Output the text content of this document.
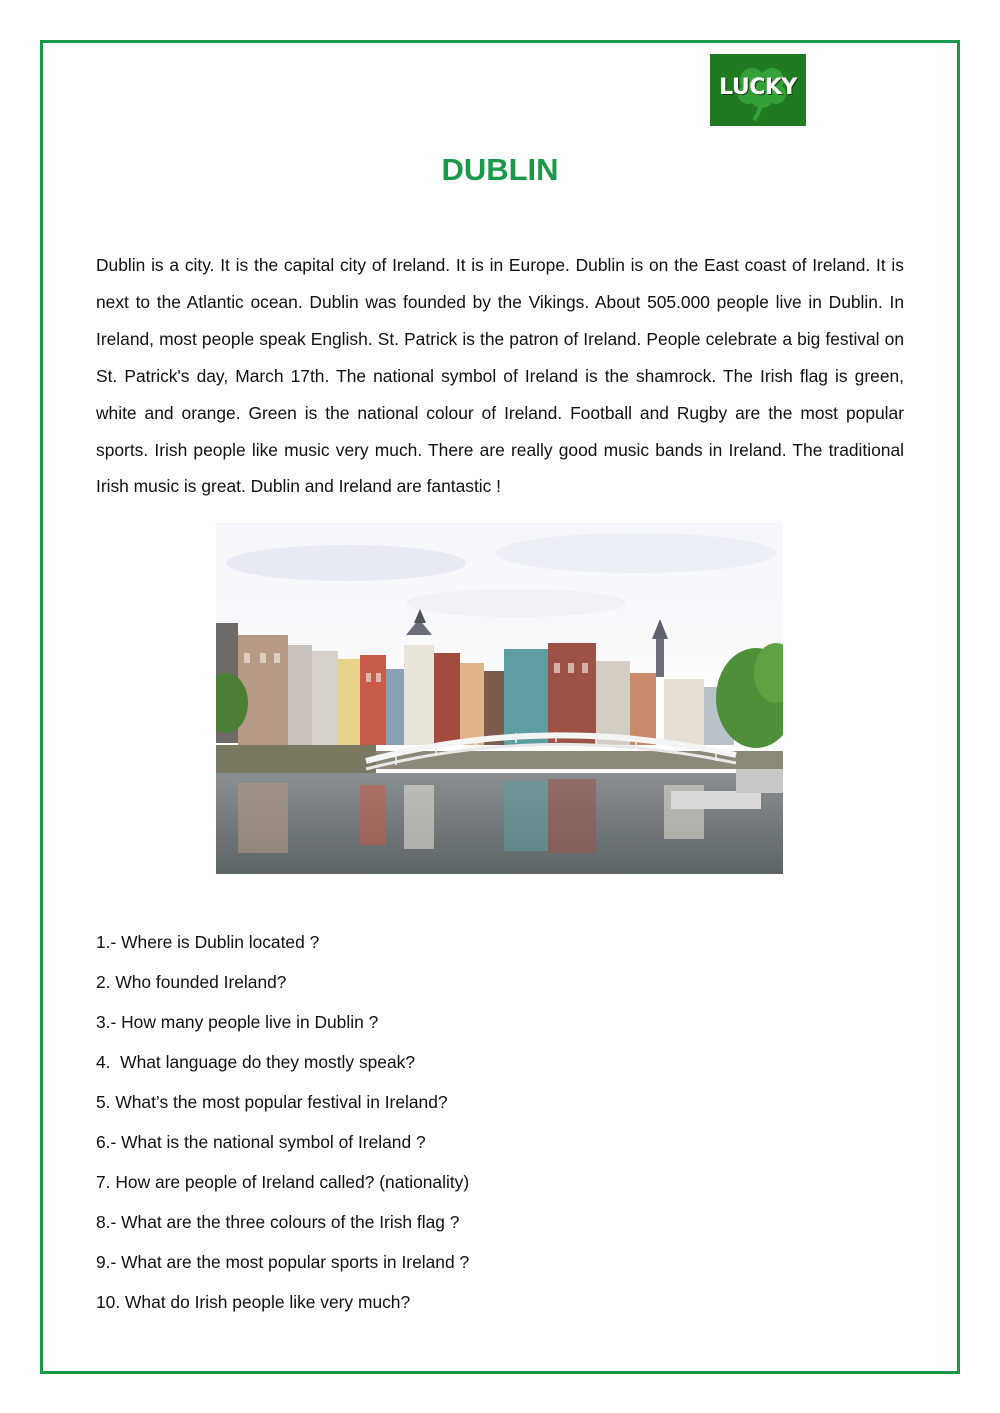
LUCKY
DUBLIN
Dublin is a city. It is the capital city of Ireland. It is in Europe. Dublin is on the East coast of Ireland. It is next to the Atlantic ocean. Dublin was founded by the Vikings. About 505.000 people live in Dublin. In Ireland, most people speak English. St. Patrick is the patron of Ireland. People celebrate a big festival on St. Patrick's day, March 17th. The national symbol of Ireland is the shamrock. The Irish flag is green, white and orange. Green is the national colour of Ireland. Football and Rugby are the most popular sports. Irish people like music very much. There are really good music bands in Ireland. The traditional Irish music is great. Dublin and Ireland are fantastic !
1.- Where is Dublin located ?
2. Who founded Ireland?
3.- How many people live in Dublin ?
4.  What language do they mostly speak?
5. What’s the most popular festival in Ireland?
6.- What is the national symbol of Ireland ?
7. How are people of Ireland called? (nationality)
8.- What are the three colours of the Irish flag ?
9.- What are the most popular sports in Ireland ?
10. What do Irish people like very much?
